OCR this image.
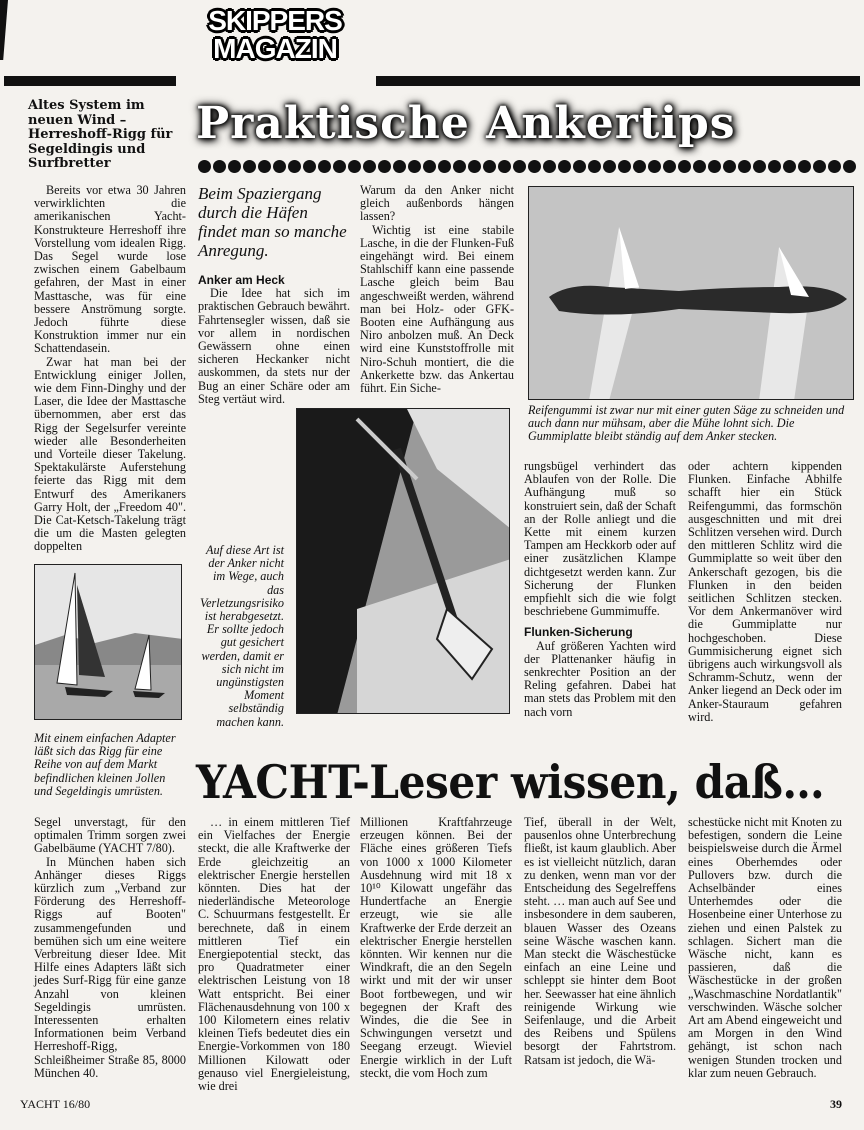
SKIPPERS
MAGAZIN
Altes System im neuen Wind – Herreshoff-Rigg für Segeldingis und Surfbretter
Praktische Ankertips

Bereits vor etwa 30 Jahren verwirklichten die amerikanischen Yacht-Konstrukteure Herreshoff ihre Vorstellung vom idealen Rigg. Das Segel wurde lose zwischen einem Gabelbaum gefahren, der Mast in einer Masttasche, was für eine bessere Anströmung sorgte. Jedoch führte diese Konstruktion immer nur ein Schattendasein.

Zwar hat man bei der Entwicklung einiger Jollen, wie dem Finn-Dinghy und der Laser, die Idee der Masttasche übernommen, aber erst das Rigg der Segelsurfer vereinte wieder alle Besonderheiten und Vorteile dieser Takelung. Spektakulärste Auferstehung feierte das Rigg mit dem Entwurf des Amerikaners Garry Holt, der „Freedom 40". Die Cat-Ketsch-Takelung trägt die um die Masten gelegten doppelten

Mit einem einfachen Adapter läßt sich das Rigg für eine Reihe von auf dem Markt befindlichen kleinen Jollen und Segeldingis umrüsten.

Segel unverstagt, für den optimalen Trimm sorgen zwei Gabelbäume (YACHT 7/80).

In München haben sich Anhänger dieses Riggs kürzlich zum „Verband zur Förderung des Herreshoff-Riggs auf Booten" zusammengefunden und bemühen sich um eine weitere Verbreitung dieser Idee. Mit Hilfe eines Adapters läßt sich jedes Surf-Rigg für eine ganze Anzahl von kleinen Segeldingis umrüsten. Interessenten erhalten Informationen beim Verband Herreshoff-Rigg, Schleißheimer Straße 85, 8000 München 40.

Beim Spaziergang durch die Häfen findet man so manche Anregung.
Anker am Heck

Die Idee hat sich im praktischen Gebrauch bewährt. Fahrtensegler wissen, daß sie vor allem in nordischen Gewässern ohne einen sicheren Heckanker nicht auskommen, da stets nur der Bug an einer Schäre oder am Steg vertäut wird.

Warum da den Anker nicht gleich außenbords hängen lassen?

Wichtig ist eine stabile Lasche, in die der Flunken-Fuß eingehängt wird. Bei einem Stahlschiff kann eine passende Lasche gleich beim Bau angeschweißt werden, während man bei Holz- oder GFK-Booten eine Aufhängung aus Niro anbolzen muß. An Deck wird eine Kunststoffrolle mit Niro-Schuh montiert, die die Ankerkette bzw. das Ankertau führt. Ein Siche-

Reifengummi ist zwar nur mit einer guten Säge zu schneiden und auch dann nur mühsam, aber die Mühe lohnt sich. Die Gummiplatte bleibt ständig auf dem Anker stecken.
Auf diese Art ist der Anker nicht im Wege, auch das Verletzungsrisiko ist herabgesetzt. Er sollte jedoch gut gesichert werden, damit er sich nicht im ungünstigsten Moment selbständig machen kann.

rungsbügel verhindert das Ablaufen von der Rolle. Die Aufhängung muß so konstruiert sein, daß der Schaft an der Rolle anliegt und die Kette mit einem kurzen Tampen am Heckkorb oder auf einer zusätzlichen Klampe dichtgesetzt werden kann. Zur Sicherung der Flunken empfiehlt sich die wie folgt beschriebene Gummimuffe.

Flunken-Sicherung

Auf größeren Yachten wird der Plattenanker häufig in senkrechter Position an der Reling gefahren. Dabei hat man stets das Problem mit den nach vorn

oder achtern kippenden Flunken. Einfache Abhilfe schafft hier ein Stück Reifengummi, das formschön ausgeschnitten und mit drei Schlitzen versehen wird. Durch den mittleren Schlitz wird die Gummiplatte so weit über den Ankerschaft gezogen, bis die Flunken in den beiden seitlichen Schlitzen stecken. Vor dem Ankermanöver wird die Gummiplatte nur hochgeschoben. Diese Gummisicherung eignet sich übrigens auch wirkungsvoll als Schramm-Schutz, wenn der Anker liegend an Deck oder im Anker-Stauraum gefahren wird.

YACHT-Leser wissen, daß…

… in einem mittleren Tief ein Vielfaches der Energie steckt, die alle Kraftwerke der Erde gleichzeitig an elektrischer Energie herstellen könnten. Dies hat der niederländische Meteorologe C. Schuurmans festgestellt. Er berechnete, daß in einem mittleren Tief ein Energiepotential steckt, das pro Quadratmeter einer elektrischen Leistung von 18 Watt entspricht. Bei einer Flächenausdehnung von 100 x 100 Kilometern eines relativ kleinen Tiefs bedeutet dies ein Energie-Vorkommen von 180 Millionen Kilowatt oder genauso viel Energieleistung, wie drei

Millionen Kraftfahrzeuge erzeugen können. Bei der Fläche eines größeren Tiefs von 1000 x 1000 Kilometer Ausdehnung wird mit 18 x 10¹⁰ Kilowatt ungefähr das Hundertfache an Energie erzeugt, wie sie alle Kraftwerke der Erde derzeit an elektrischer Energie herstellen könnten. Wir kennen nur die Windkraft, die an den Segeln wirkt und mit der wir unser Boot fortbewegen, und wir begegnen der Kraft des Windes, die die See in Schwingungen versetzt und Seegang erzeugt. Wieviel Energie wirklich in der Luft steckt, die vom Hoch zum

Tief, überall in der Welt, pausenlos ohne Unterbrechung fließt, ist kaum glaublich. Aber es ist vielleicht nützlich, daran zu denken, wenn man vor der Entscheidung des Segelreffens steht. … man auch auf See und insbesondere in dem sauberen, blauen Wasser des Ozeans seine Wäsche waschen kann. Man steckt die Wäschestücke einfach an eine Leine und schleppt sie hinter dem Boot her. Seewasser hat eine ähnlich reinigende Wirkung wie Seifenlauge, und die Arbeit des Reibens und Spülens besorgt der Fahrtstrom. Ratsam ist jedoch, die Wä-

schestücke nicht mit Knoten zu befestigen, sondern die Leine beispielsweise durch die Ärmel eines Oberhemdes oder Pullovers bzw. durch die Achselbänder eines Unterhemdes oder die Hosenbeine einer Unterhose zu ziehen und einen Palstek zu schlagen. Sichert man die Wäsche nicht, kann es passieren, daß die Wäschestücke in der großen „Waschmaschine Nordatlantik" verschwinden. Wäsche solcher Art am Abend eingeweicht und am Morgen in den Wind gehängt, ist schon nach wenigen Stunden trocken und klar zum neuen Gebrauch.

YACHT 16/80	39
